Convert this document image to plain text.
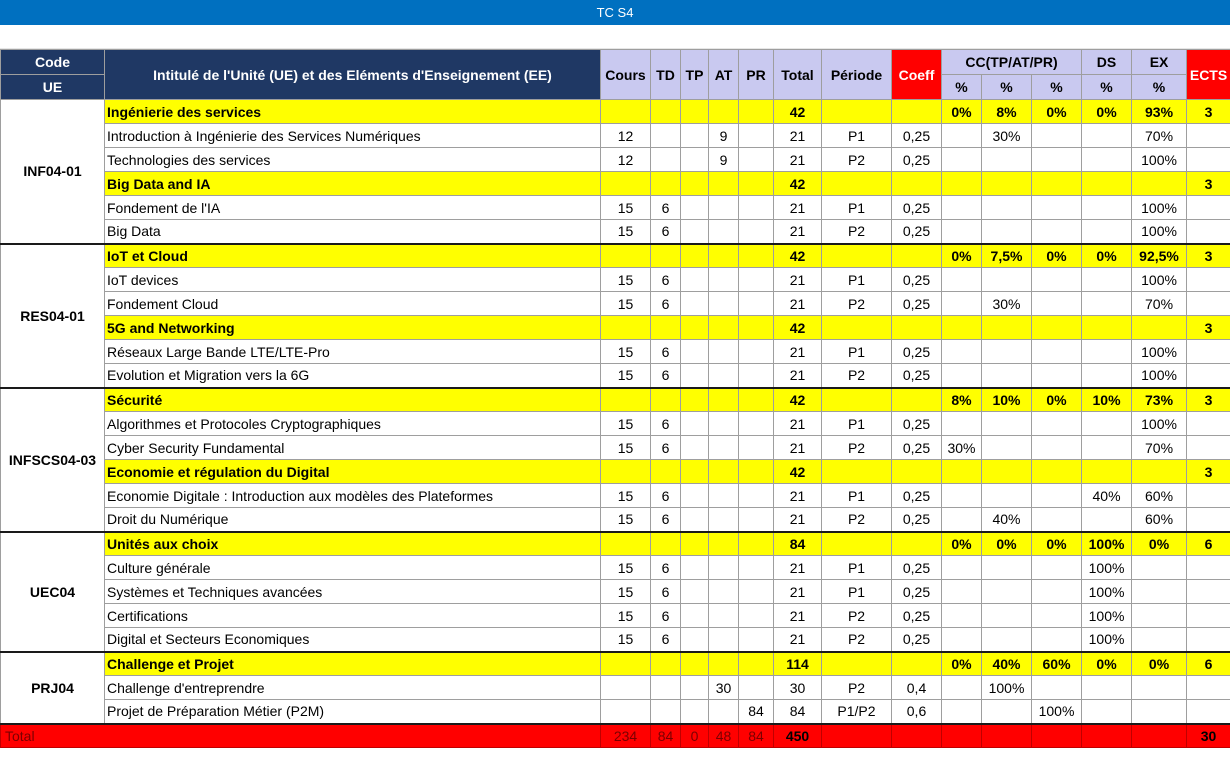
TC S4
Code	Intitulé de l'Unité (UE) et des Eléments d'Enseignement (EE)	Cours	TD	TP	AT	PR	Total	Période	Coeff	CC(TP/AT/PR)			DS	EX	ECTS
UE										%	%	%	%	%	
INF04-01	Ingénierie des services						42			0%	8%	0%	0%	93%	3
	Introduction à Ingénierie des Services Numériques	12			9		21	P1	0,25		30%			70%	
	Technologies des services	12			9		21	P2	0,25					100%	
	Big Data and IA						42								3
	Fondement de l'IA	15	6				21	P1	0,25					100%	
	Big Data	15	6				21	P2	0,25					100%	
RES04-01	IoT et Cloud						42			0%	7,5%	0%	0%	92,5%	3
	IoT devices	15	6				21	P1	0,25					100%	
	Fondement Cloud	15	6				21	P2	0,25		30%			70%	
	5G and Networking						42								3
	Réseaux Large Bande LTE/LTE-Pro	15	6				21	P1	0,25					100%	
	Evolution et Migration vers la 6G	15	6				21	P2	0,25					100%	
INFSCS04-03	Sécurité						42			8%	10%	0%	10%	73%	3
	Algorithmes et Protocoles Cryptographiques	15	6				21	P1	0,25					100%	
	Cyber Security Fundamental	15	6				21	P2	0,25	30%				70%	
	Economie et régulation du Digital						42								3
	Economie Digitale : Introduction aux modèles des Plateformes	15	6				21	P1	0,25				40%	60%	
	Droit du Numérique	15	6				21	P2	0,25		40%			60%	
UEC04	Unités aux choix						84			0%	0%	0%	100%	0%	6
	Culture générale	15	6				21	P1	0,25				100%		
	Systèmes et Techniques avancées	15	6				21	P1	0,25				100%		
	Certifications	15	6				21	P2	0,25				100%		
	Digital et Secteurs Economiques	15	6				21	P2	0,25				100%		
PRJ04	Challenge et Projet						114			0%	40%	60%	0%	0%	6
	Challenge d'entreprendre				30		30	P2	0,4		100%				
	Projet de Préparation Métier (P2M)					84	84	P1/P2	0,6			100%			
Total		234	84	0	48	84	450								30
